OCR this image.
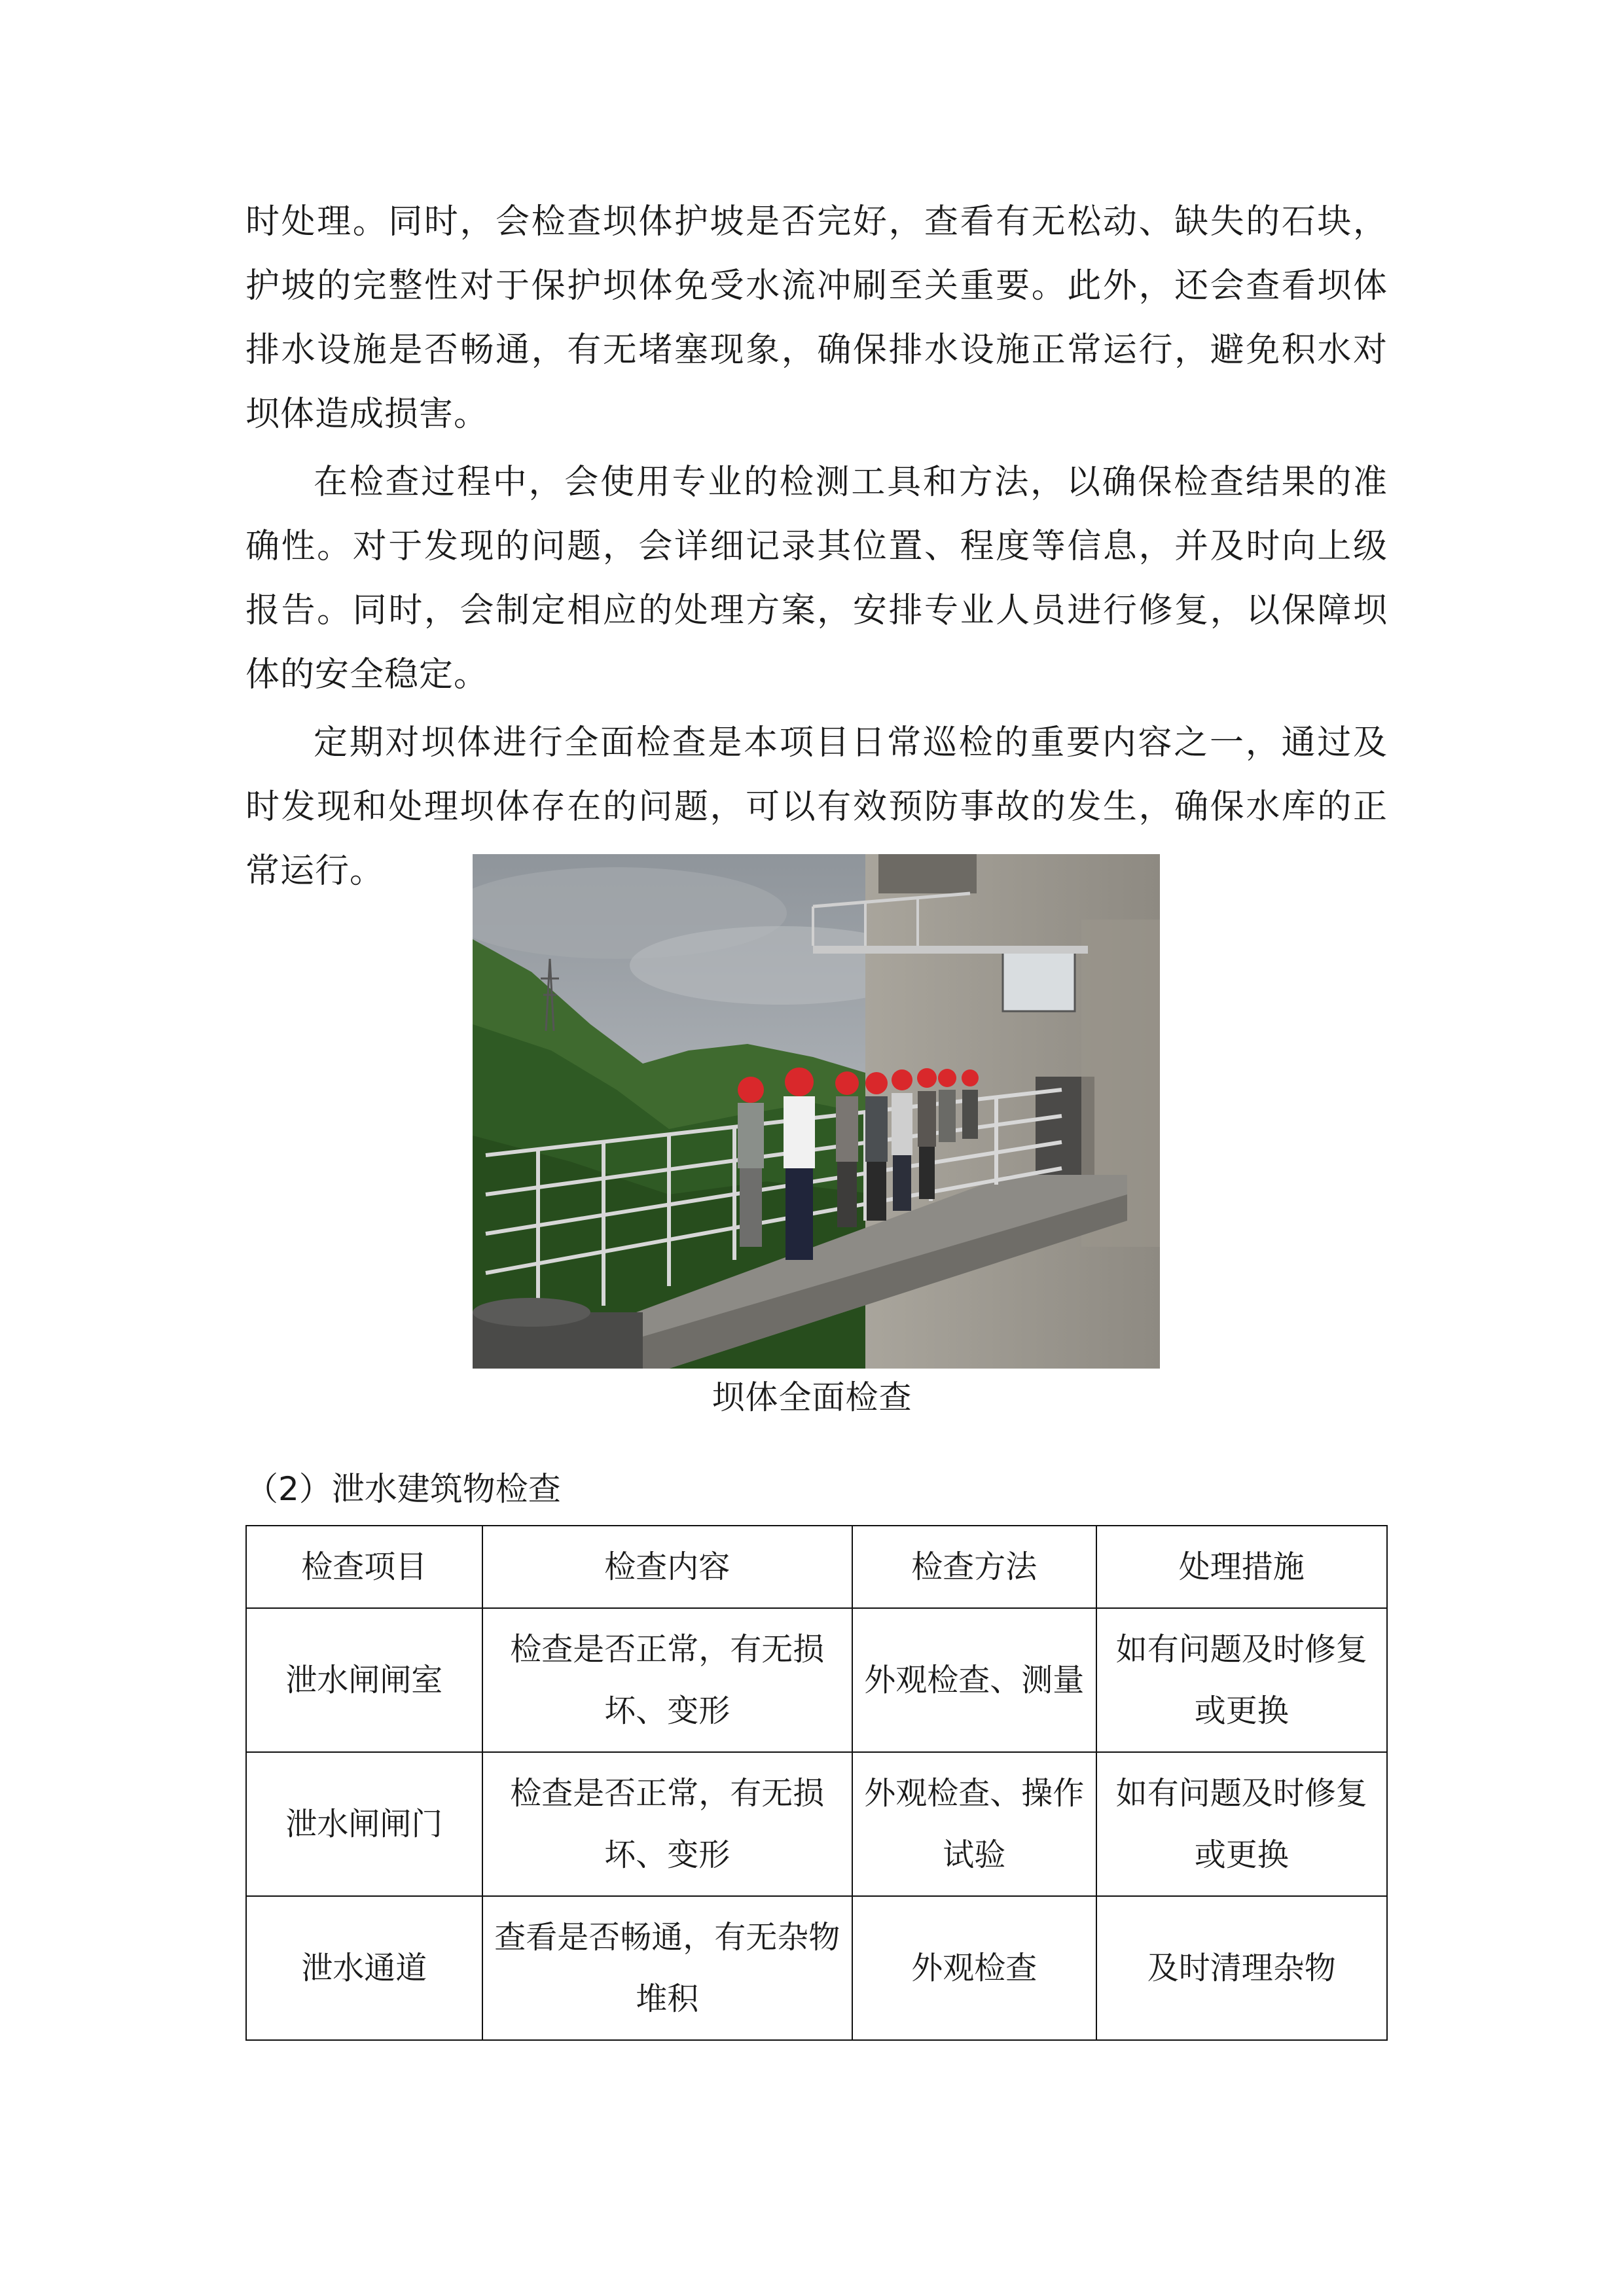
时处理。同时，会检查坝体护坡是否完好，查看有无松动、缺失的石块，护坡的完整性对于保护坝体免受水流冲刷至关重要。此外，还会查看坝体排水设施是否畅通，有无堵塞现象，确保排水设施正常运行，避免积水对坝体造成损害。

在检查过程中，会使用专业的检测工具和方法，以确保检查结果的准确性。对于发现的问题，会详细记录其位置、程度等信息，并及时向上级报告。同时，会制定相应的处理方案，安排专业人员进行修复，以保障坝体的安全稳定。

定期对坝体进行全面检查是本项目日常巡检的重要内容之一，通过及时发现和处理坝体存在的问题，可以有效预防事故的发生，确保水库的正常运行。

坝体全面检查
（2）泄水建筑物检查
检查项目	检查内容	检查方法	处理措施
泄水闸闸室	检查是否正常，有无损坏、变形	外观检查、测量	如有问题及时修复或更换
泄水闸闸门	检查是否正常，有无损坏、变形	外观检查、操作试验	如有问题及时修复或更换
泄水通道	查看是否畅通，有无杂物堆积	外观检查	及时清理杂物
